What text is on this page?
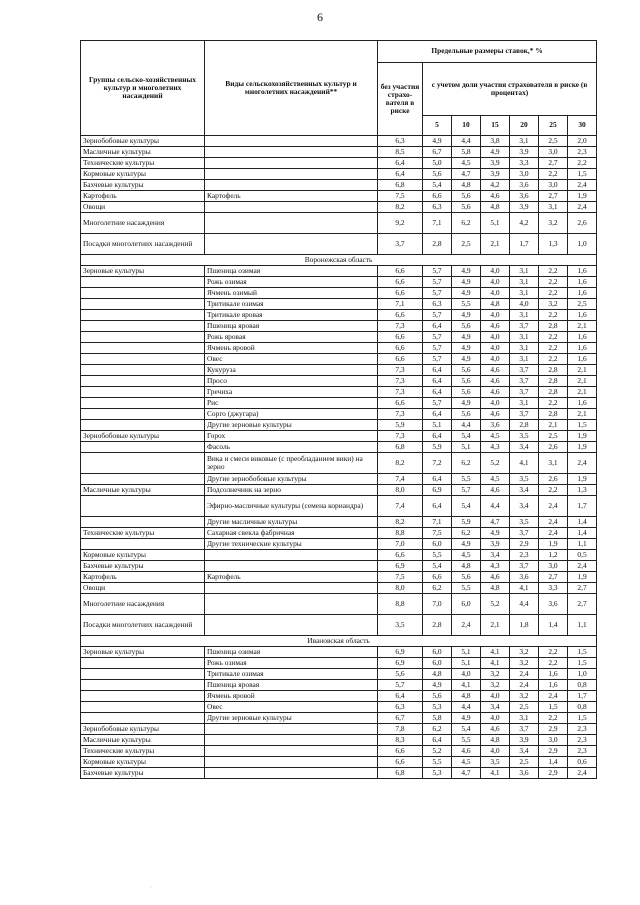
6
Группы сельско-хозяйственных культур и многолетних насаждений	Виды сельскохозяйственных культур и многолетних насаждений**	Предельные размеры ставок,* %						
		без участия страхо-вателя в риске	с учетом доли участия страхователя в риске (в процентах)					
			5	10	15	20	25	30
Зернобобовые культуры		6,3	4,9	4,4	3,8	3,1	2,5	2,0
Масличные культуры		8,5	6,7	5,8	4,9	3,9	3,0	2,3
Технические культуры		6,4	5,0	4,5	3,9	3,3	2,7	2,2
Кормовые культуры		6,4	5,6	4,7	3,9	3,0	2,2	1,5
Бахчевые культуры		6,8	5,4	4,8	4,2	3,6	3,0	2,4
Картофель	Картофель	7,5	6,6	5,6	4,6	3,6	2,7	1,9
Овощи		8,2	6,3	5,6	4,8	3,9	3,1	2,4
Многолетние насаждения		9,2	7,1	6,2	5,1	4,2	3,2	2,6
Посадки многолетних насаждений		3,7	2,8	2,5	2,1	1,7	1,3	1,0
Воронежская область								
Зерновые культуры	Пшеница озимая	6,6	5,7	4,9	4,0	3,1	2,2	1,6
	Рожь озимая	6,6	5,7	4,9	4,0	3,1	2,2	1,6
	Ячмень озимый	6,6	5,7	4,9	4,0	3,1	2,2	1,6
	Тритикале озимая	7,1	6,3	5,5	4,8	4,0	3,2	2,5
	Тритикале яровая	6,6	5,7	4,9	4,0	3,1	2,2	1,6
	Пшеница яровая	7,3	6,4	5,6	4,6	3,7	2,8	2,1
	Рожь яровая	6,6	5,7	4,9	4,0	3,1	2,2	1,6
	Ячмень яровой	6,6	5,7	4,9	4,0	3,1	2,2	1,6
	Овес	6,6	5,7	4,9	4,0	3,1	2,2	1,6
	Кукуруза	7,3	6,4	5,6	4,6	3,7	2,8	2,1
	Просо	7,3	6,4	5,6	4,6	3,7	2,8	2,1
	Гречиха	7,3	6,4	5,6	4,6	3,7	2,8	2,1
	Рис	6,6	5,7	4,9	4,0	3,1	2,2	1,6
	Сорго (джугара)	7,3	6,4	5,6	4,6	3,7	2,8	2,1
	Другие зерновые культуры	5,9	5,1	4,4	3,6	2,8	2,1	1,5
Зернобобовые культуры	Горох	7,3	6,4	5,4	4,5	3,5	2,5	1,9
	Фасоль	6,8	5,9	5,1	4,3	3,4	2,6	1,9
	Вика и смеси виковые (с преобладанием вики) на зерно	8,2	7,2	6,2	5,2	4,1	3,1	2,4
	Другие зернобобовые культуры	7,4	6,4	5,5	4,5	3,5	2,6	1,9
Масличные культуры	Подсолнечник на зерно	8,0	6,9	5,7	4,6	3,4	2,2	1,3
	Эфирно-масличные культуры (семена кориандра)	7,4	6,4	5,4	4,4	3,4	2,4	1,7
	Другие масличные культуры	8,2	7,1	5,9	4,7	3,5	2,4	1,4
Технические культуры	Сахарная свекла фабричная	8,8	7,5	6,2	4,9	3,7	2,4	1,4
	Другие технические культуры	7,0	6,0	4,9	3,9	2,9	1,9	1,1
Кормовые культуры		6,6	5,5	4,5	3,4	2,3	1,2	0,5
Бахчевые культуры		6,9	5,4	4,8	4,3	3,7	3,0	2,4
Картофель	Картофель	7,5	6,6	5,6	4,6	3,6	2,7	1,9
Овощи		8,0	6,2	5,5	4,8	4,1	3,3	2,7
Многолетние насаждения		8,8	7,0	6,0	5,2	4,4	3,6	2,7
Посадки многолетних насаждений		3,5	2,8	2,4	2,1	1,8	1,4	1,1
Ивановская область								
Зерновые культуры	Пшеница озимая	6,9	6,0	5,1	4,1	3,2	2,2	1,5
	Рожь озимая	6,9	6,0	5,1	4,1	3,2	2,2	1,5
	Тритикале озимая	5,6	4,8	4,0	3,2	2,4	1,6	1,0
	Пшеница яровая	5,7	4,9	4,1	3,2	2,4	1,6	0,8
	Ячмень яровой	6,4	5,6	4,8	4,0	3,2	2,4	1,7
	Овес	6,3	5,3	4,4	3,4	2,5	1,5	0,8
	Другие зерновые культуры	6,7	5,8	4,9	4,0	3,1	2,2	1,5
Зернобобовые культуры		7,8	6,2	5,4	4,6	3,7	2,9	2,3
Масличные культуры		8,3	6,4	5,5	4,8	3,9	3,0	2,3
Технические культуры		6,6	5,2	4,6	4,0	3,4	2,9	2,3
Кормовые культуры		6,6	5,5	4,5	3,5	2,5	1,4	0,6
Бахчевые культуры		6,8	5,3	4,7	4,1	3,6	2,9	2,4
·
